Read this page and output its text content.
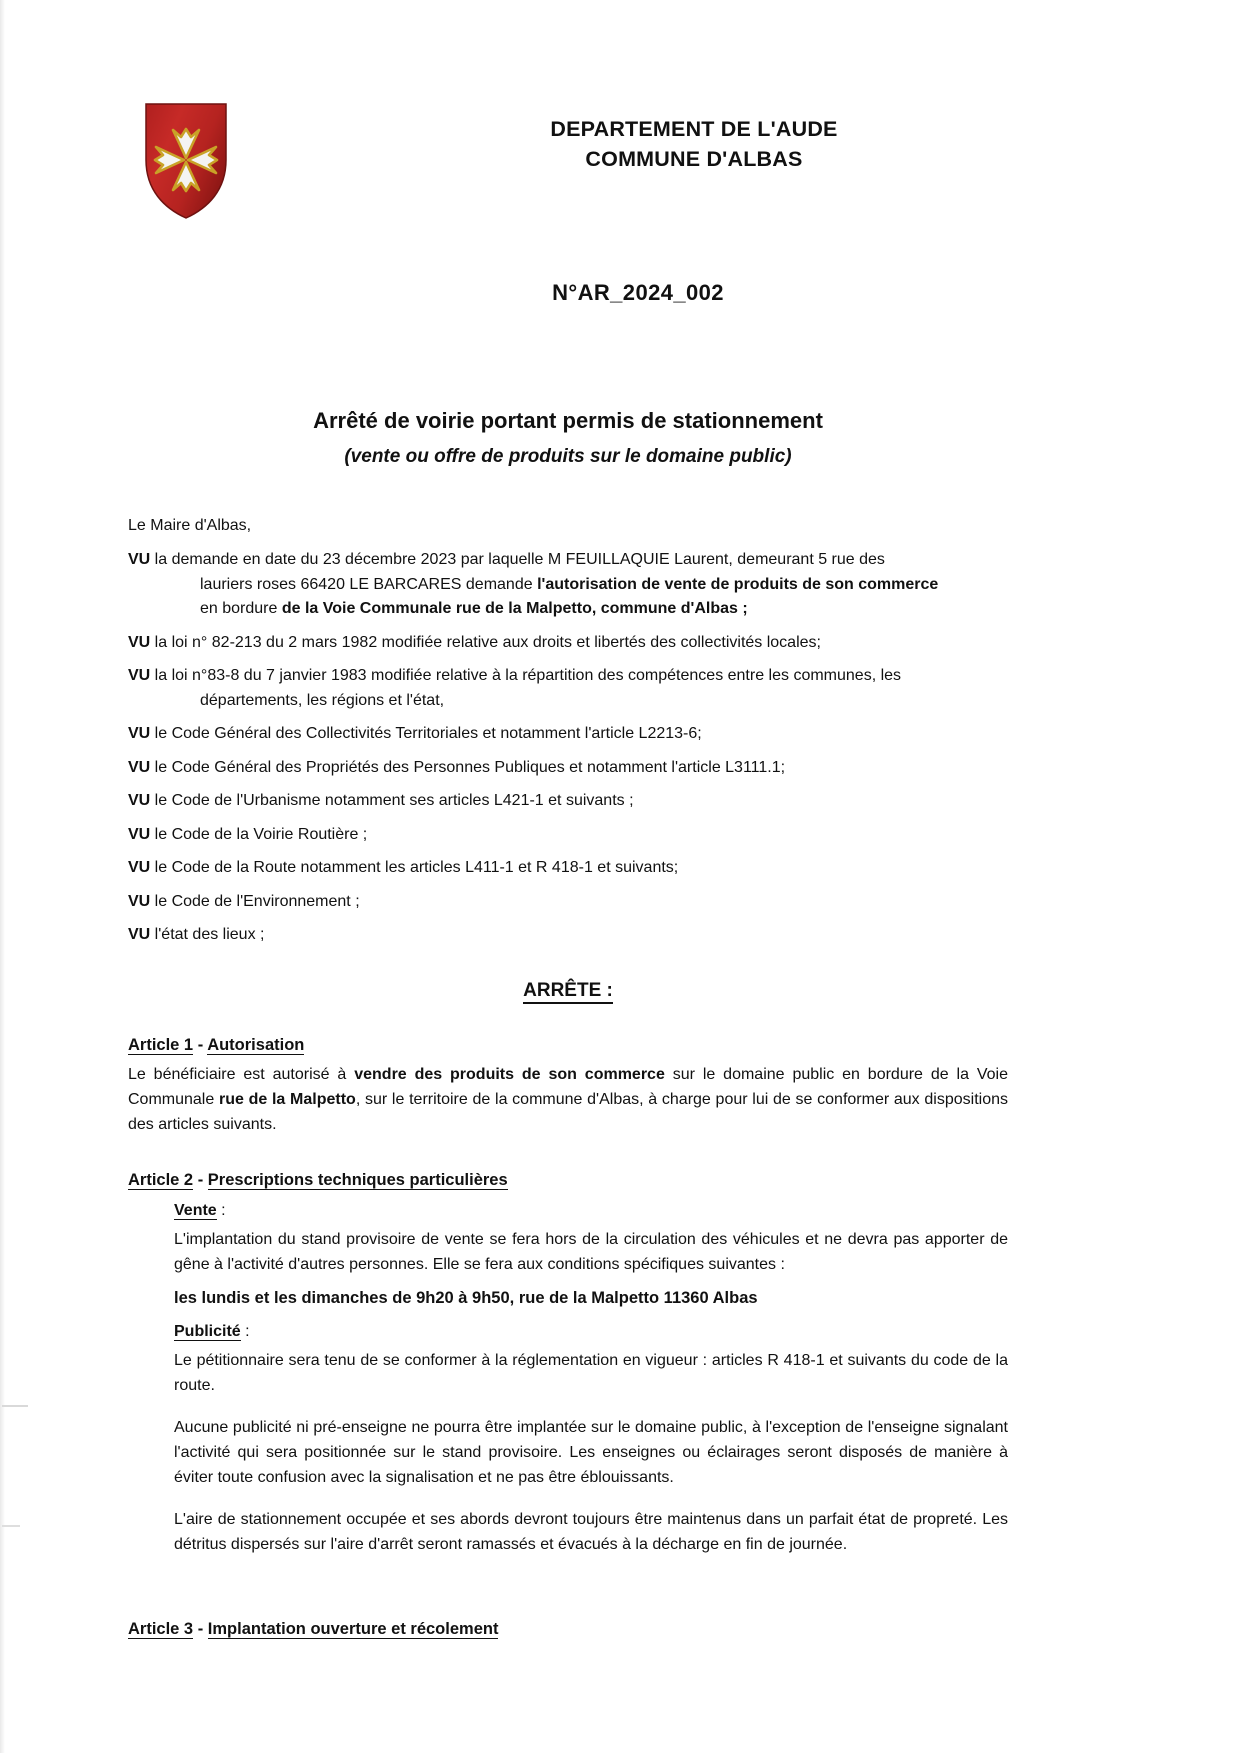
DEPARTEMENT DE L'AUDE
COMMUNE D'ALBAS
N°AR_2024_002
Arrêté de voirie portant permis de stationnement
(vente ou offre de produits sur le domaine public)
Le Maire d'Albas,
VU la demande en date du 23 décembre 2023 par laquelle M FEUILLAQUIE Laurent, demeurant 5 rue des
lauriers roses 66420 LE BARCARES demande l'autorisation de vente de produits de son commerce
en bordure de la Voie Communale rue de la Malpetto, commune d'Albas ;
VU la loi n° 82-213 du 2 mars 1982 modifiée relative aux droits et libertés des collectivités locales;
VU la loi n°83-8 du 7 janvier 1983 modifiée relative à la répartition des compétences entre les communes, les
départements, les régions et l'état,
VU le Code Général des Collectivités Territoriales et notamment l'article L2213-6;
VU le Code Général des Propriétés des Personnes Publiques et notamment l'article L3111.1;
VU le Code de l'Urbanisme notamment ses articles L421-1 et suivants ;
VU le Code de la Voirie Routière ;
VU le Code de la Route notamment les articles L411-1 et R 418-1 et suivants;
VU le Code de l'Environnement ;
VU l'état des lieux ;
ARRÊTE :
Article 1 - Autorisation
Le bénéficiaire est autorisé à vendre des produits de son commerce sur le domaine public en bordure de la Voie Communale rue de la Malpetto, sur le territoire de la commune d'Albas, à charge pour lui de se conformer aux dispositions des articles suivants.
Article 2 - Prescriptions techniques particulières
Vente :
L'implantation du stand provisoire de vente se fera hors de la circulation des véhicules et ne devra pas apporter de gêne à l'activité d'autres personnes. Elle se fera aux conditions spécifiques suivantes :
les lundis et les dimanches de 9h20 à 9h50, rue de la Malpetto 11360 Albas
Publicité :
Le pétitionnaire sera tenu de se conformer à la réglementation en vigueur : articles R 418-1 et suivants du code de la route.
Aucune publicité ni pré-enseigne ne pourra être implantée sur le domaine public, à l'exception de l'enseigne signalant l'activité qui sera positionnée sur le stand provisoire. Les enseignes ou éclairages seront disposés de manière à éviter toute confusion avec la signalisation et ne pas être éblouissants.
L'aire de stationnement occupée et ses abords devront toujours être maintenus dans un parfait état de propreté. Les détritus dispersés sur l'aire d'arrêt seront ramassés et évacués à la décharge en fin de journée.
Article 3 - Implantation ouverture et récolement
